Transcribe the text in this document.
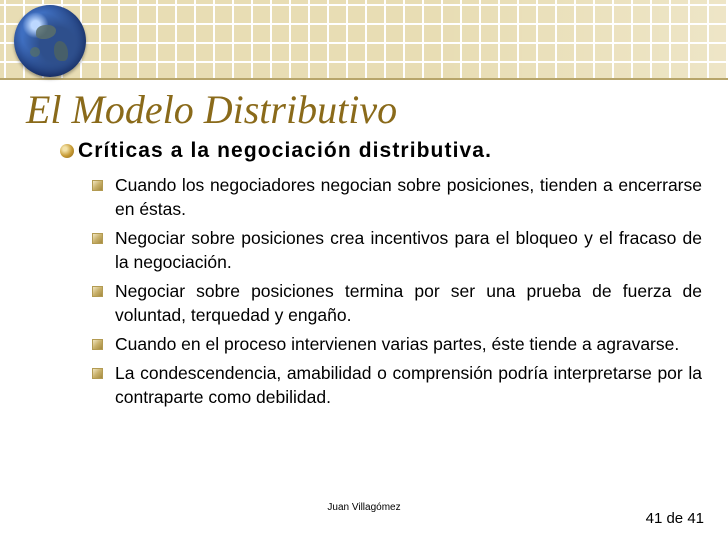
El Modelo Distributivo
Críticas a la negociación distributiva .
Cuando los negociadores negocian sobre posiciones, tienden a encerrarse en éstas.
Negociar sobre posiciones crea incentivos para el bloqueo y el fracaso de la negociación.
Negociar sobre posiciones termina por ser una prueba de fuerza de voluntad, terquedad y engaño.
Cuando en el proceso intervienen varias partes, éste tiende a agravarse.
La condescendencia, amabilidad o comprensión podría interpretarse por la contraparte como debilidad.
Juan Villagómez
41 de 41
